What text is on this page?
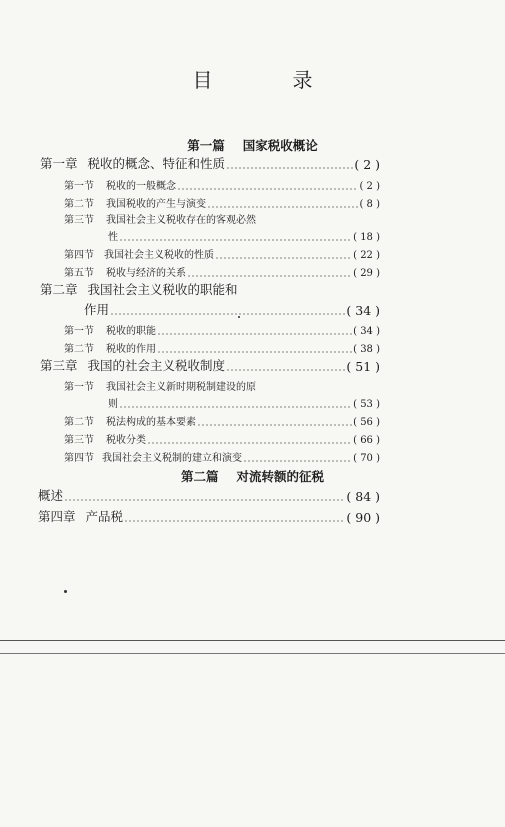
目　录
第一篇 国家税收概论
第一章 税收的概念、特征和性质	( 2 )
第一节 税收的一般概念	( 2 )
第二节 我国税收的产生与演变	( 8 )
第三节 我国社会主义税收存在的客观必然
性	( 18 )
第四节 我国社会主义税收的性质	( 22 )
第五节 税收与经济的关系	( 29 )
第二章 我国社会主义税收的职能和
作用	( 34 )
第一节 税收的职能	( 34 )
第二节 税收的作用	( 38 )
第三章 我国的社会主义税收制度	( 51 )
第一节 我国社会主义新时期税制建设的原
则	( 53 )
第二节 税法构成的基本要素	( 56 )
第三节 税收分类	( 66 )
第四节 我国社会主义税制的建立和演变	( 70 )
第二篇 对流转额的征税
概述	( 84 )
第四章 产品税	( 90 )
